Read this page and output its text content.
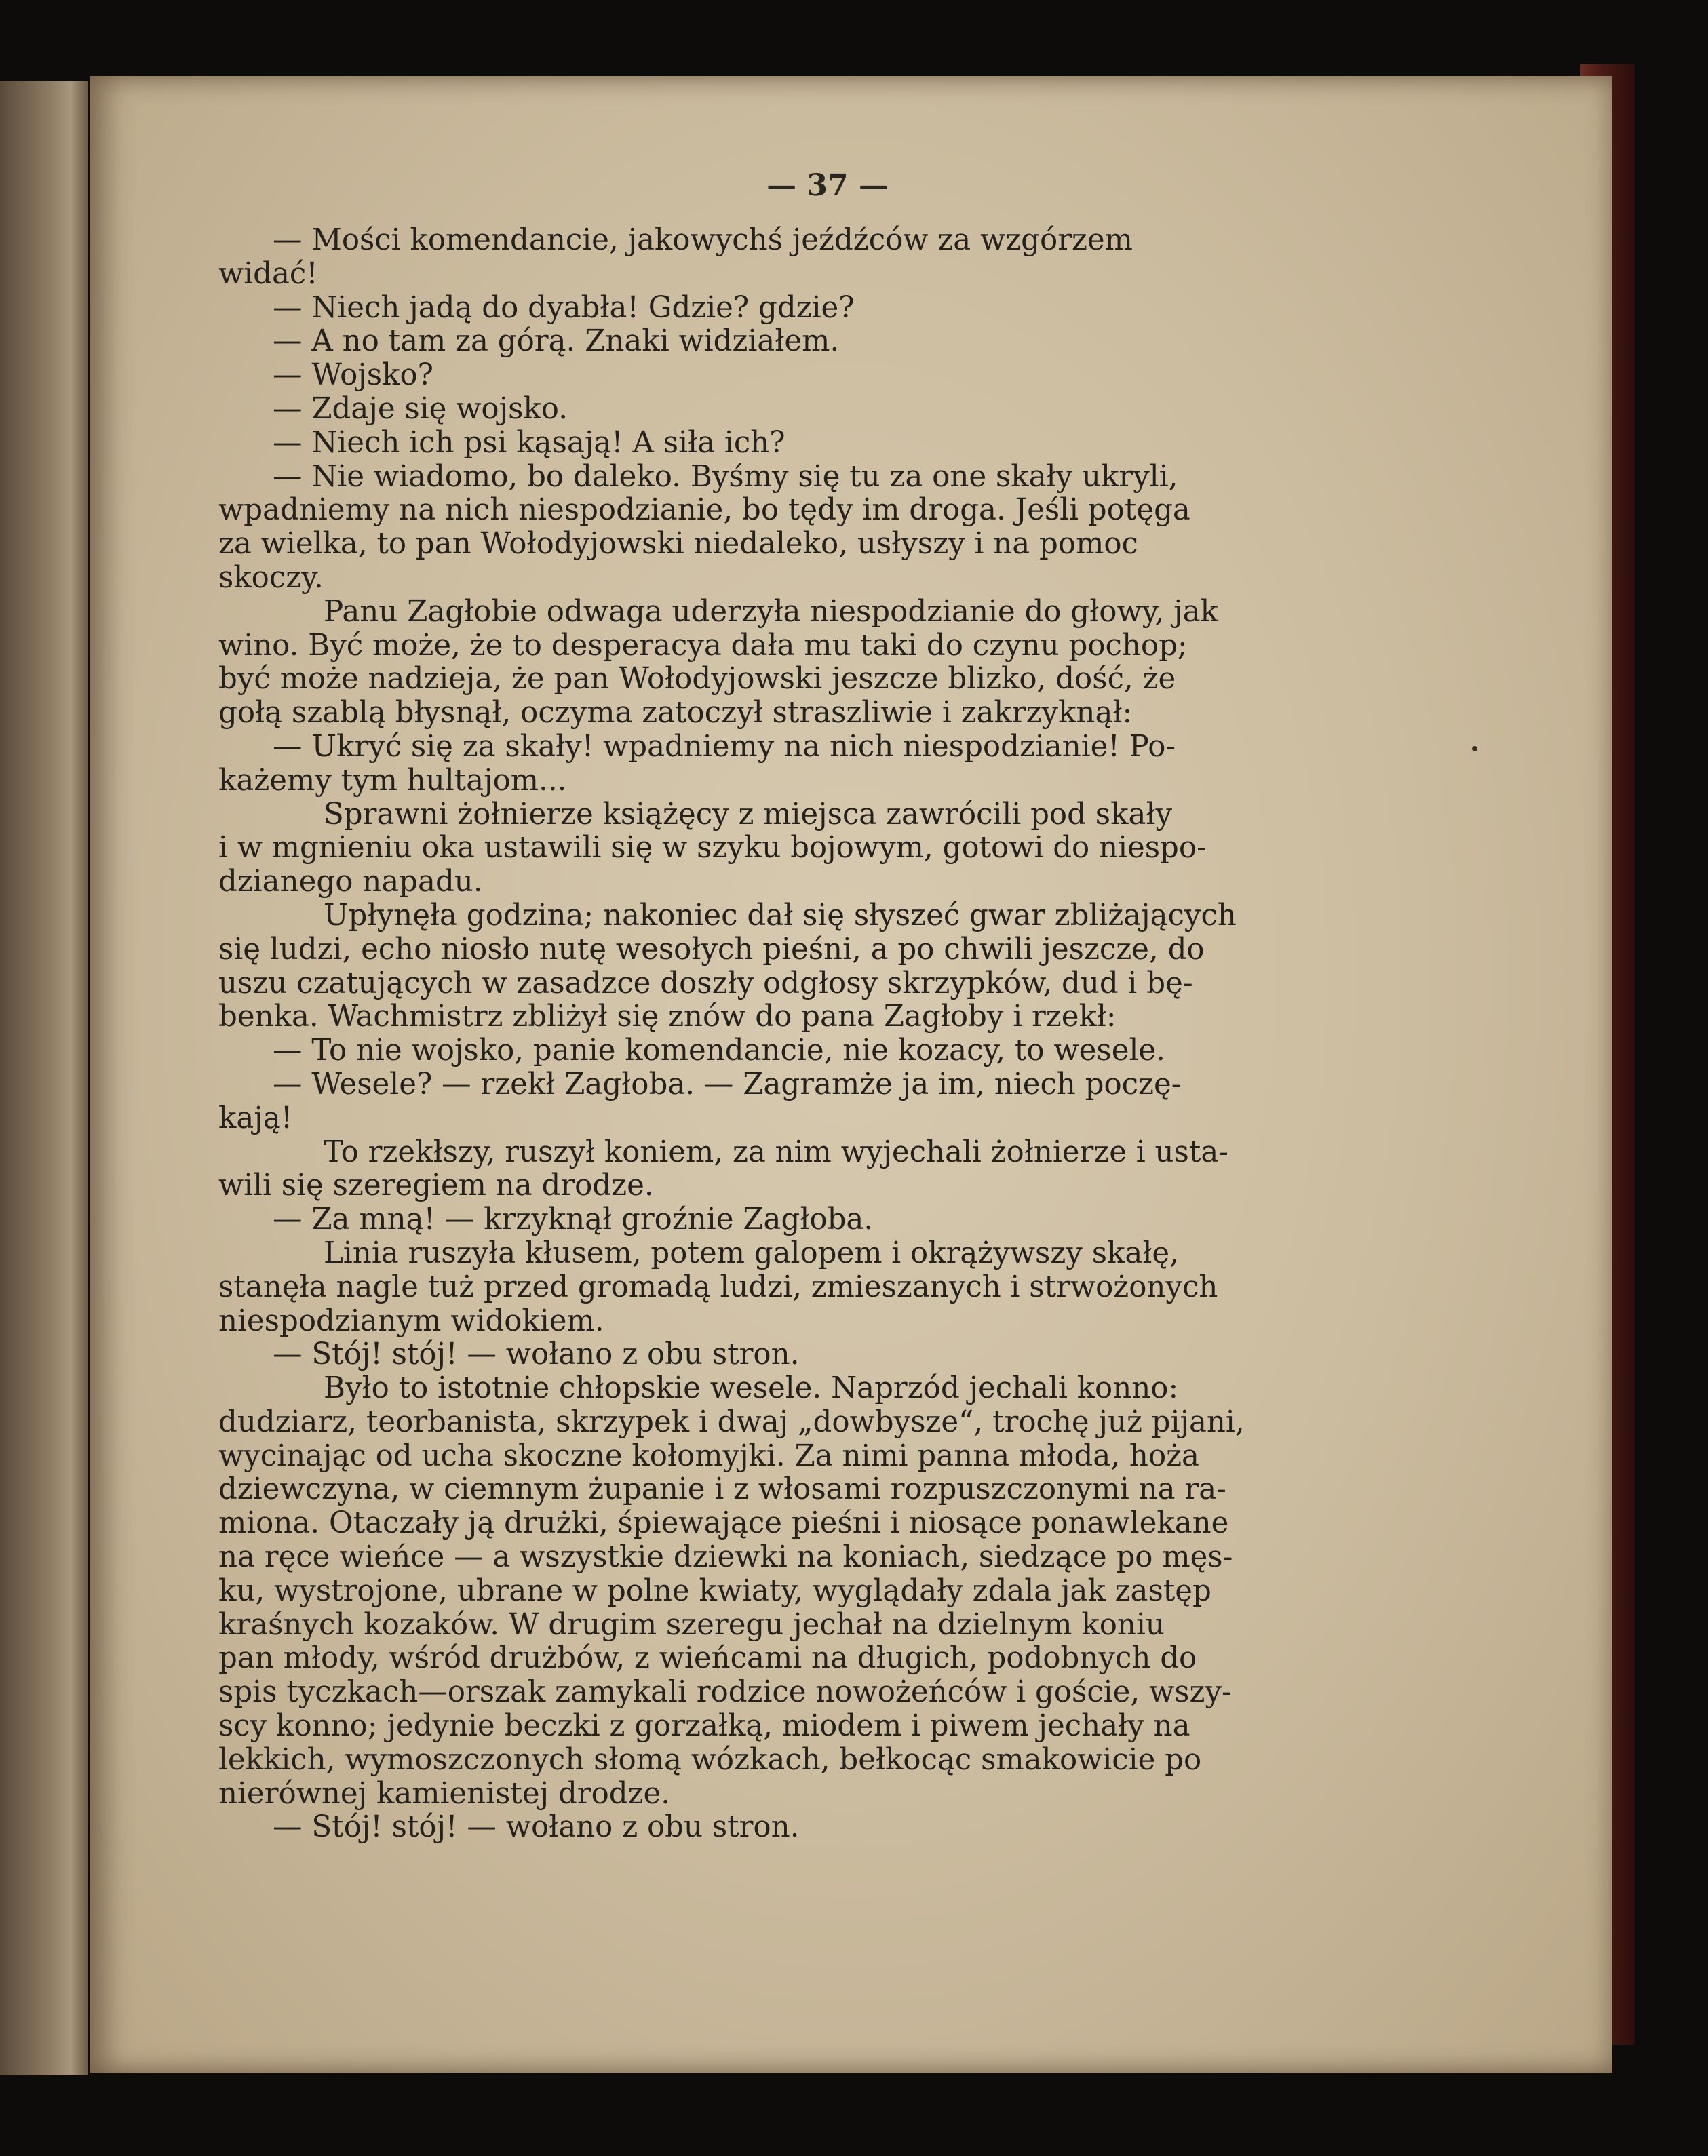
— 37 —
— Mości komendancie, jakowychś jeźdźców za wzgórzem
widać!
— Niech jadą do dyabła! Gdzie? gdzie?
— A no tam za górą. Znaki widziałem.
— Wojsko?
— Zdaje się wojsko.
— Niech ich psi kąsają! A siła ich?
— Nie wiadomo, bo daleko. Byśmy się tu za one skały ukryli,
wpadniemy na nich niespodzianie, bo tędy im droga. Jeśli potęga
za wielka, to pan Wołodyjowski niedaleko, usłyszy i na pomoc
skoczy.
Panu Zagłobie odwaga uderzyła niespodzianie do głowy, jak
wino. Być może, że to desperacya dała mu taki do czynu pochop;
być może nadzieja, że pan Wołodyjowski jeszcze blizko, dość, że
gołą szablą błysnął, oczyma zatoczył straszliwie i zakrzyknął:
— Ukryć się za skały! wpadniemy na nich niespodzianie! Po-
każemy tym hultajom...
Sprawni żołnierze książęcy z miejsca zawrócili pod skały
i w mgnieniu oka ustawili się w szyku bojowym, gotowi do niespo-
dzianego napadu.
Upłynęła godzina; nakoniec dał się słyszeć gwar zbliżających
się ludzi, echo niosło nutę wesołych pieśni, a po chwili jeszcze, do
uszu czatujących w zasadzce doszły odgłosy skrzypków, dud i bę-
benka. Wachmistrz zbliżył się znów do pana Zagłoby i rzekł:
— To nie wojsko, panie komendancie, nie kozacy, to wesele.
— Wesele? — rzekł Zagłoba. — Zagramże ja im, niech poczę-
kają!
To rzekłszy, ruszył koniem, za nim wyjechali żołnierze i usta-
wili się szeregiem na drodze.
— Za mną! — krzyknął groźnie Zagłoba.
Linia ruszyła kłusem, potem galopem i okrążywszy skałę,
stanęła nagle tuż przed gromadą ludzi, zmieszanych i strwożonych
niespodzianym widokiem.
— Stój! stój! — wołano z obu stron.
Było to istotnie chłopskie wesele. Naprzód jechali konno:
dudziarz, teorbanista, skrzypek i dwaj „dowbysze“, trochę już pijani,
wycinając od ucha skoczne kołomyjki. Za nimi panna młoda, hoża
dziewczyna, w ciemnym żupanie i z włosami rozpuszczonymi na ra-
miona. Otaczały ją drużki, śpiewające pieśni i niosące ponawlekane
na ręce wieńce — a wszystkie dziewki na koniach, siedzące po męs-
ku, wystrojone, ubrane w polne kwiaty, wyglądały zdala jak zastęp
kraśnych kozaków. W drugim szeregu jechał na dzielnym koniu
pan młody, wśród drużbów, z wieńcami na długich, podobnych do
spis tyczkach—orszak zamykali rodzice nowożeńców i goście, wszy-
scy konno; jedynie beczki z gorzałką, miodem i piwem jechały na
lekkich, wymoszczonych słomą wózkach, bełkocąc smakowicie po
nierównej kamienistej drodze.
— Stój! stój! — wołano z obu stron.
